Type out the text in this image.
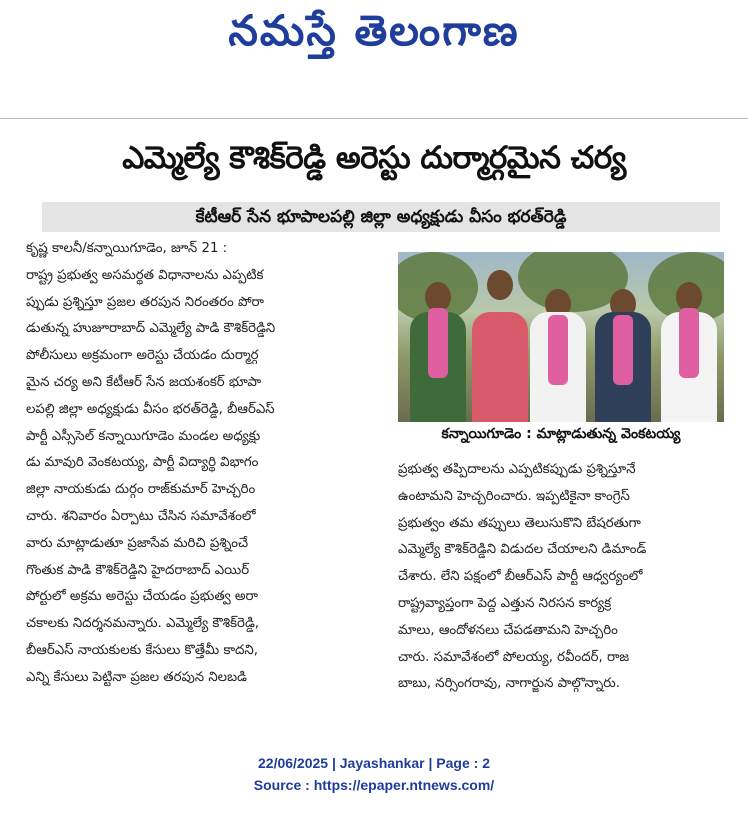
నమస్తే తెలంగాణ
ఎమ్మెల్యే కౌశిక్‌రెడ్డి అరెస్టు దుర్మార్గమైన చర్య
కేటీఆర్ సేన భూపాలపల్లి జిల్లా అధ్యక్షుడు వీసం భరత్‌రెడ్డి
కృష్ణ కాలనీ/కన్నాయిగూడెం, జూన్ 21 :
రాష్ట్ర ప్రభుత్వ అసమర్థత విధానాలను ఎప్పటిక
ప్పుడు ప్రశ్నిస్తూ ప్రజల తరపున నిరంతరం పోరా
డుతున్న హుజూరాబాద్ ఎమ్మెల్యే పాడి కౌశిక్‌రెడ్డిని
పోలీసులు అక్రమంగా అరెస్టు చేయడం దుర్మార్గ
మైన చర్య అని కేటీఆర్ సేన జయశంకర్ భూపా
లపల్లి జిల్లా అధ్యక్షుడు వీసం భరత్‌రెడ్డి, బీఆర్‌ఎస్
పార్టీ ఎస్సీసెల్ కన్నాయిగూడెం మండల అధ్యక్షు
డు మావురి వెంకటయ్య, పార్టీ విద్యార్థి విభాగం
జిల్లా నాయకుడు దుర్గం రాజ్‌కుమార్ హెచ్చరిం
చారు. శనివారం ఏర్పాటు చేసిన సమావేశంలో
వారు మాట్లాడుతూ ప్రజాసేవ మరిచి ప్రశ్నించే
గొంతుక పాడి కౌశిక్‌రెడ్డిని హైదరాబాద్ ఎయిర్
పోర్టులో అక్రమ అరెస్టు చేయడం ప్రభుత్వ అరా
చకాలకు నిదర్శనమన్నారు. ఎమ్మెల్యే కౌశిక్‌రెడ్డి,
బీఆర్‌ఎస్ నాయకులకు కేసులు కొత్తేమీ కాదని,
ఎన్ని కేసులు పెట్టినా ప్రజల తరపున నిలబడి
కన్నాయిగూడెం : మాట్లాడుతున్న వెంకటయ్య
ప్రభుత్వ తప్పిదాలను ఎప్పటికప్పుడు ప్రశ్నిస్తూనే
ఉంటామని హెచ్చరించారు. ఇప్పటికైనా కాంగ్రెస్
ప్రభుత్వం తమ తప్పులు తెలుసుకొని బేషరతుగా
ఎమ్మెల్యే కౌశిక్‌రెడ్డిని విడుదల చేయాలని డిమాండ్
చేశారు. లేని పక్షంలో బీఆర్‌ఎస్ పార్టీ ఆధ్వర్యంలో
రాష్ట్రవ్యాప్తంగా పెద్ద ఎత్తున నిరసన కార్యక్ర
మాలు, ఆందోళనలు చేపడతామని హెచ్చరిం
చారు. సమావేశంలో పోలయ్య, రవీందర్, రాజ
బాబు, నర్సింగరావు, నాగార్జున పాల్గొన్నారు.

22/06/2025 | Jayashankar | Page : 2
Source : https://epaper.ntnews.com/
